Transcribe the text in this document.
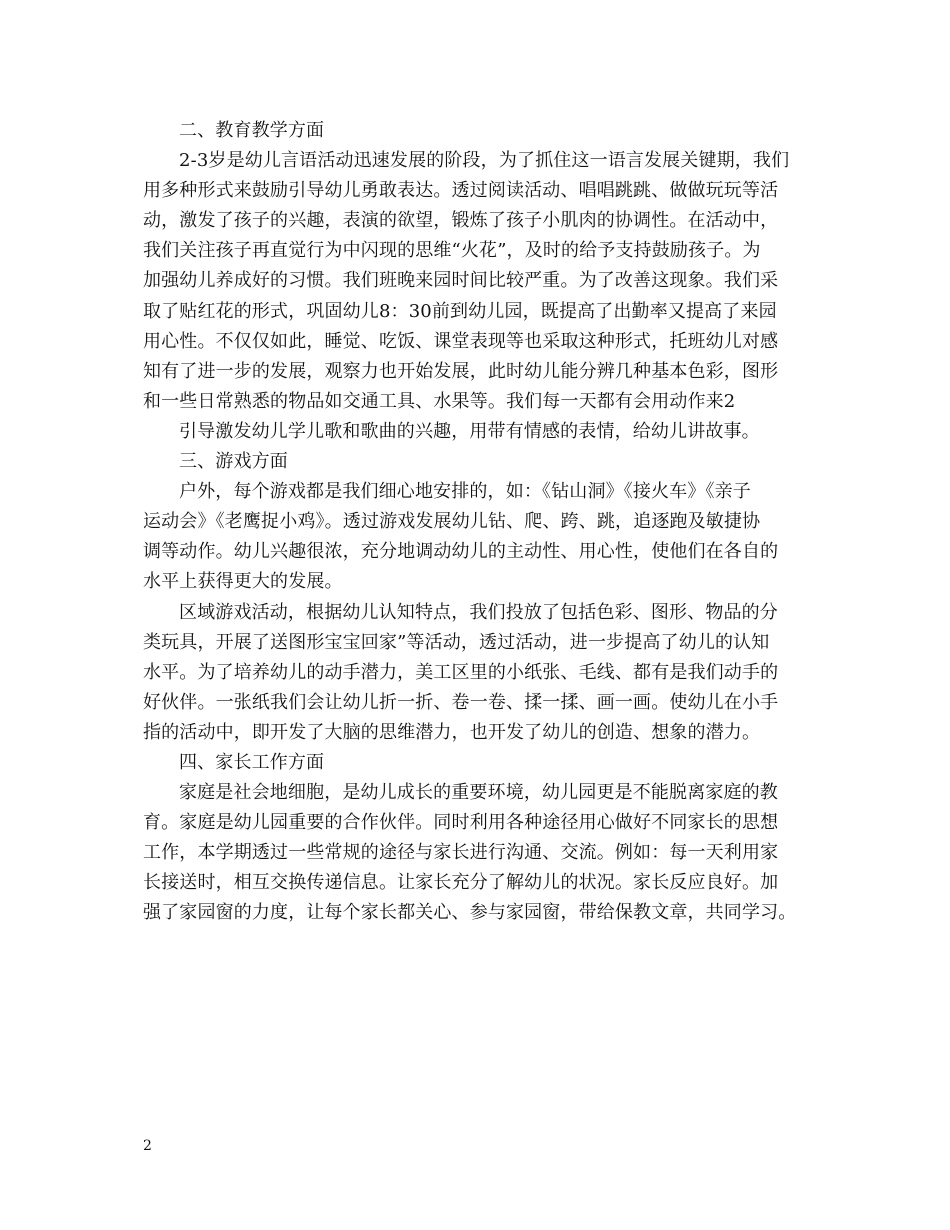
二、教育教学方面
2-3岁是幼儿言语活动迅速发展的阶段，为了抓住这一语言发展关键期，我们
用多种形式来鼓励引导幼儿勇敢表达。透过阅读活动、唱唱跳跳、做做玩玩等活
动，激发了孩子的兴趣，表演的欲望，锻炼了孩子小肌肉的协调性。在活动中，
我们关注孩子再直觉行为中闪现的思维“火花”，及时的给予支持鼓励孩子。为
加强幼儿养成好的习惯。我们班晚来园时间比较严重。为了改善这现象。我们采
取了贴红花的形式，巩固幼儿8：30前到幼儿园，既提高了出勤率又提高了来园
用心性。不仅仅如此，睡觉、吃饭、课堂表现等也采取这种形式，托班幼儿对感
知有了进一步的发展，观察力也开始发展，此时幼儿能分辨几种基本色彩，图形
和一些日常熟悉的物品如交通工具、水果等。我们每一天都有会用动作来2
引导激发幼儿学儿歌和歌曲的兴趣，用带有情感的表情，给幼儿讲故事。
三、游戏方面
户外，每个游戏都是我们细心地安排的，如：《钻山洞》《接火车》《亲子
运动会》《老鹰捉小鸡》。透过游戏发展幼儿钻、爬、跨、跳，追逐跑及敏捷协
调等动作。幼儿兴趣很浓，充分地调动幼儿的主动性、用心性，使他们在各自的
水平上获得更大的发展。
区域游戏活动，根据幼儿认知特点，我们投放了包括色彩、图形、物品的分
类玩具，开展了送图形宝宝回家”等活动，透过活动，进一步提高了幼儿的认知
水平。为了培养幼儿的动手潜力，美工区里的小纸张、毛线、都有是我们动手的
好伙伴。一张纸我们会让幼儿折一折、卷一卷、揉一揉、画一画。使幼儿在小手
指的活动中，即开发了大脑的思维潜力，也开发了幼儿的创造、想象的潜力。
四、家长工作方面
家庭是社会地细胞，是幼儿成长的重要环境，幼儿园更是不能脱离家庭的教
育。家庭是幼儿园重要的合作伙伴。同时利用各种途径用心做好不同家长的思想
工作，本学期透过一些常规的途径与家长进行沟通、交流。例如：每一天利用家
长接送时，相互交换传递信息。让家长充分了解幼儿的状况。家长反应良好。加
强了家园窗的力度，让每个家长都关心、参与家园窗，带给保教文章，共同学习。
2
